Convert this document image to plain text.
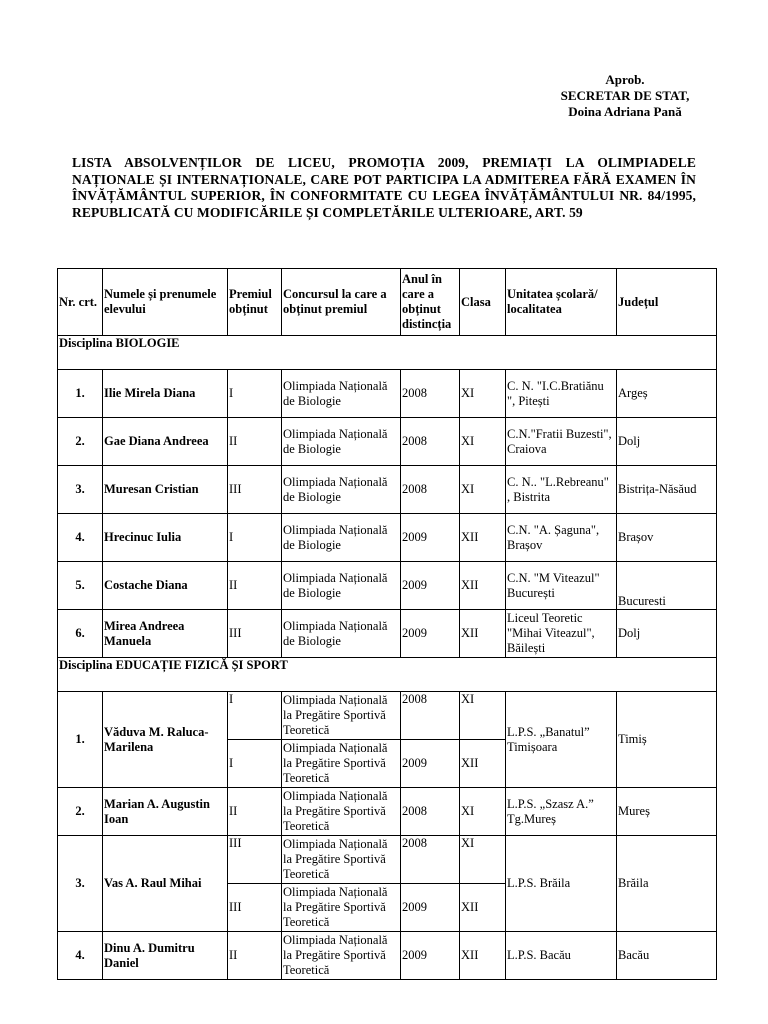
Aprob.
SECRETAR DE STAT,
Doina Adriana Pană
LISTA ABSOLVENȚILOR DE LICEU, PROMOȚIA 2009, PREMIAȚI LA OLIMPIADELE NAȚIONALE ȘI INTERNAȚIONALE, CARE POT PARTICIPA LA ADMITEREA FĂRĂ EXAMEN ÎN ÎNVĂȚĂMÂNTUL SUPERIOR, ÎN CONFORMITATE CU LEGEA ÎNVĂȚĂMÂNTULUI NR. 84/1995, REPUBLICATĂ CU MODIFICĂRILE ȘI COMPLETĂRILE ULTERIOARE, ART. 59
Nr. crt.	Numele și prenumele elevului	Premiul obținut	Concursul la care a obținut premiul	Anul în care a obținut distincția	Clasa	Unitatea școlară/ localitatea	Județul
Disciplina BIOLOGIE							
1.	Ilie Mirela Diana	I	Olimpiada Națională de Biologie	2008	XI	C. N. "I.C.Bratiănu ", Pitești	Argeș
2.	Gae Diana Andreea	II	Olimpiada Națională de Biologie	2008	XI	C.N."Fratii Buzesti", Craiova	Dolj
3.	Muresan Cristian	III	Olimpiada Națională de Biologie	2008	XI	C. N.. "L.Rebreanu" , Bistrita	Bistrița-Năsăud
4.	Hrecinuc Iulia	I	Olimpiada Națională de Biologie	2009	XII	C.N. "A. Șaguna", Brașov	Brașov
5.	Costache Diana	II	Olimpiada Națională de Biologie	2009	XII	C.N. "M Viteazul" București	Bucuresti
6.	Mirea Andreea Manuela	III	Olimpiada Națională de Biologie	2009	XII	Liceul Teoretic "Mihai Viteazul", Băilești	Dolj
Disciplina EDUCAȚIE FIZICĂ ȘI SPORT							
1.	Văduva M. Raluca-Marilena	I	Olimpiada Națională la Pregătire Sportivă Teoretică	2008	XI	L.P.S. „Banatul” Timișoara	Timiș
		I	Olimpiada Națională la Pregătire Sportivă Teoretică	2009	XII		
2.	Marian A. Augustin Ioan	II	Olimpiada Națională la Pregătire Sportivă Teoretică	2008	XI	L.P.S. „Szasz A.” Tg.Mureș	Mureș
3.	Vas A. Raul Mihai	III	Olimpiada Națională la Pregătire Sportivă Teoretică	2008	XI	L.P.S. Brăila	Brăila
		III	Olimpiada Națională la Pregătire Sportivă Teoretică	2009	XII		
4.	Dinu A. Dumitru Daniel	II	Olimpiada Națională la Pregătire Sportivă Teoretică	2009	XII	L.P.S. Bacău	Bacău
